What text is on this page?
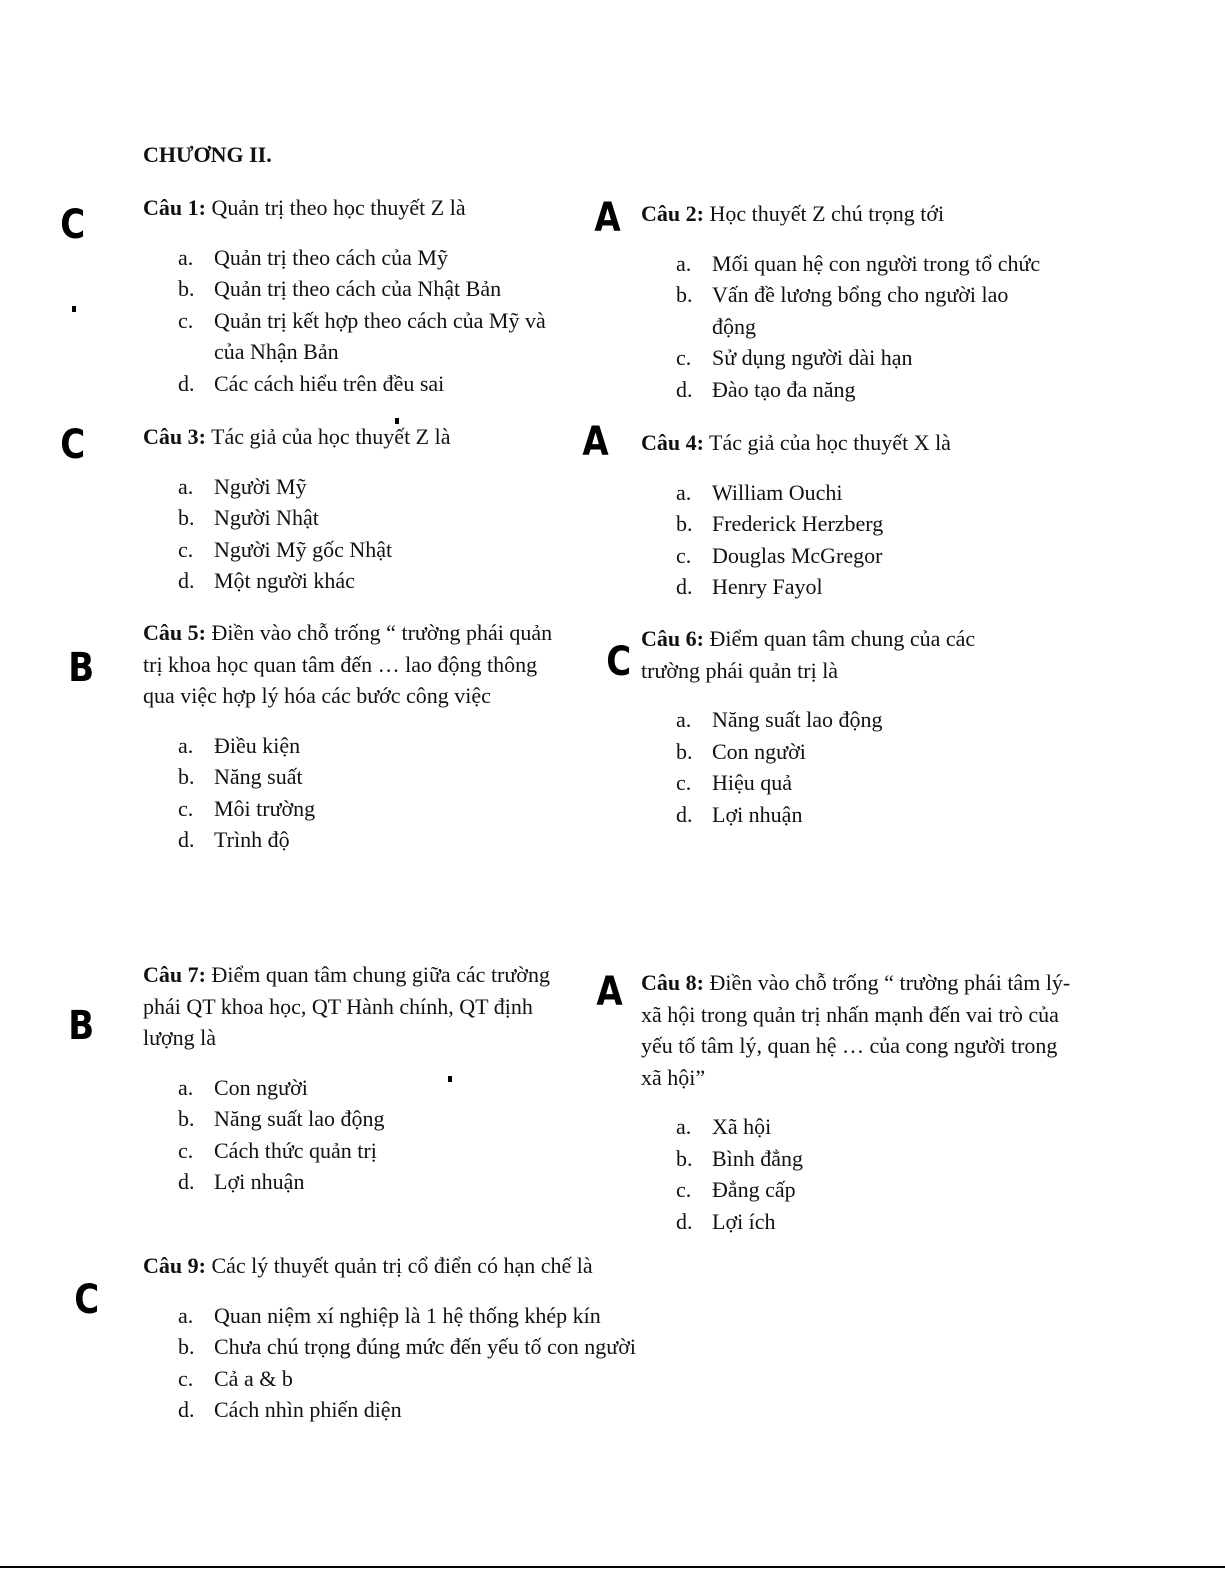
CHƯƠNG II.
C	Câu 1: Quản trị theo học thuyết Z là

a. Quản trị theo cách của Mỹ
b. Quản trị theo cách của Nhật Bản
c. Quản trị kết hợp theo cách của Mỹ và của Nhận Bản
d. Các cách hiểu trên đều sai
A Câu 2: Học thuyết Z chú trọng tới

a. Mối quan hệ con người trong tổ chức
b. Vấn đề lương bổng cho người lao động
c. Sử dụng người dài hạn
d. Đào tạo đa năng
C	Câu 3: Tác giả của học thuyết Z là

a. Người Mỹ
b. Người Nhật
c. Người Mỹ gốc Nhật
d. Một người khác
A Câu 4: Tác giả của học thuyết X là

a. William Ouchi
b. Frederick Herzberg
c. Douglas McGregor
d. Henry Fayol
B

Câu 5: Điền vào chỗ trống “ trường phái quản trị khoa học quan tâm đến … lao động thông qua việc hợp lý hóa các bước công việc

a. Điều kiện
b. Năng suất
c. Môi trường
d. Trình độ
C

Câu 6: Điểm quan tâm chung của các trường phái quản trị là

a. Năng suất lao động
b. Con người
c. Hiệu quả
d. Lợi nhuận
B

Câu 7: Điểm quan tâm chung giữa các trường phái QT khoa học, QT Hành chính, QT định lượng là

a. Con người
b. Năng suất lao động
c. Cách thức quản trị
d. Lợi nhuận
A Câu 8: Điền vào chỗ trống “ trường phái tâm lý-xã hội trong quản trị nhấn mạnh đến vai trò của yếu tố tâm lý, quan hệ … của cong người trong xã hội”

a. Xã hội
b. Bình đẳng
c. Đẳng cấp
d. Lợi ích
C

Câu 9: Các lý thuyết quản trị cổ điển có hạn chế là

a. Quan niệm xí nghiệp là 1 hệ thống khép kín
b. Chưa chú trọng đúng mức đến yếu tố con người
c. Cả a & b
d. Cách nhìn phiến diện
